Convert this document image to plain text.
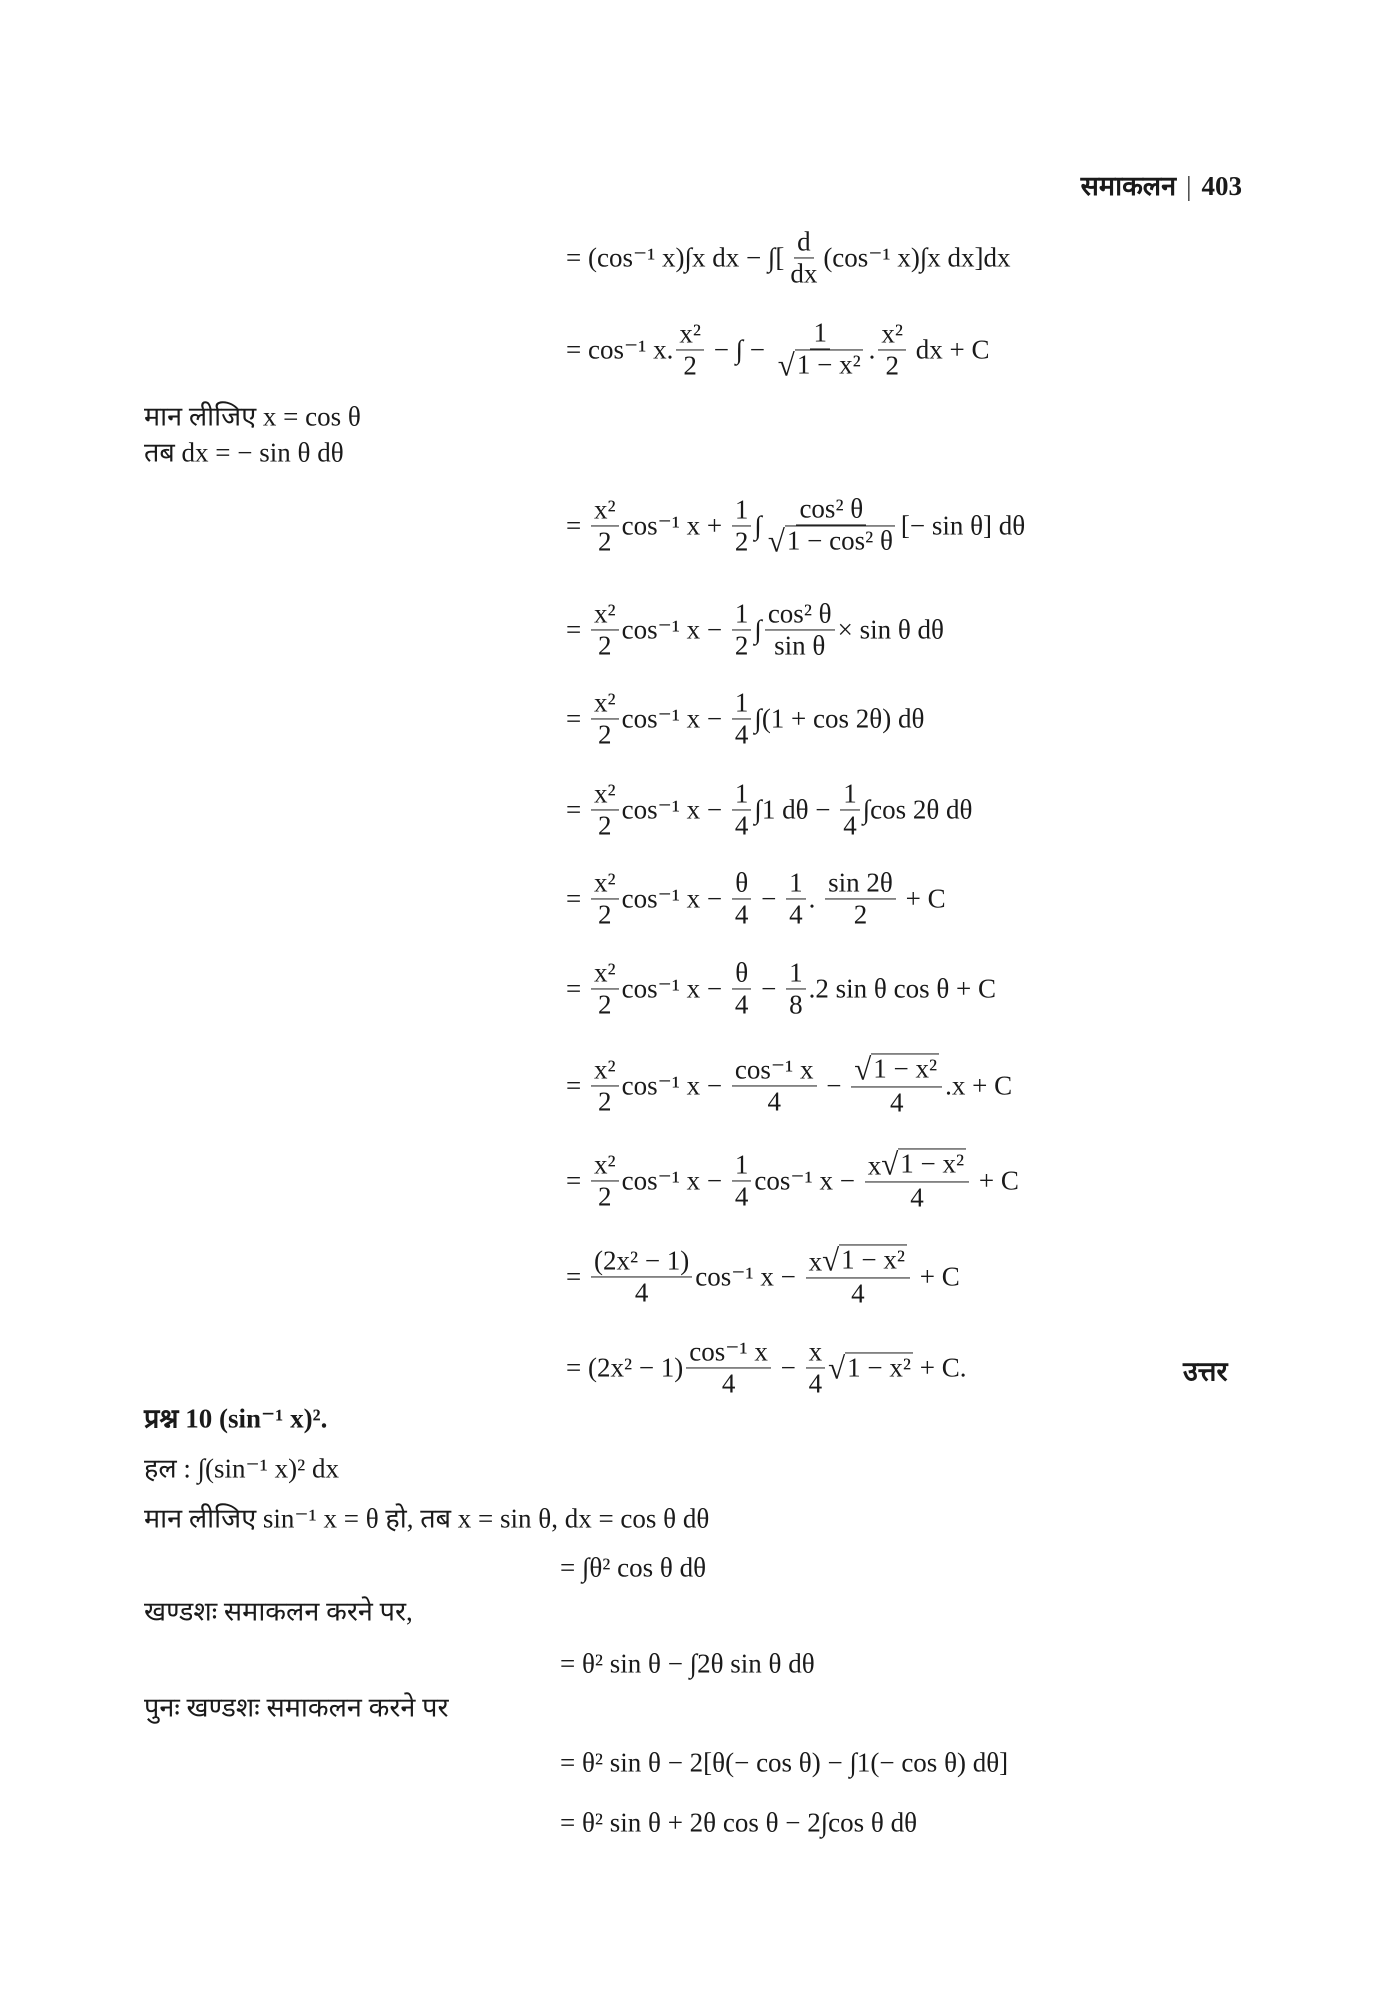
समाकलन | 403
= (cos⁻¹ x)∫x dx − ∫[ $\frac{d}{dx} (\cos^{-1}$ x)∫x dx]dx
= cos⁻¹ x. $\frac{\text{x²}}{2}$ − ∫ − $\frac{1}{\text{√ 1 − x²}}$ . $\frac{\text{x²}}{2}$ dx + C
मान लीजिए x = cos θ
तब dx = − sin θ dθ
= $\frac{\text{x²}}{2} \cos^{-1}$ $x + \frac{1}{2}$ ∫ $\frac{\text{cos² θ}}{\text{√ 1 − cos² θ}}$ [− sin θ] dθ
= $\frac{\text{x²}}{2} \cos^{-1}$ $x - \frac{1}{2}$ ∫ $\frac{\text{cos² θ}}{\text{sin θ}} \times \sin \theta$ dθ
= $\frac{\text{x²}}{2} \cos^{-1}$ $x - \frac{1}{4} \int(1 + \cos 2\theta)$ dθ
= $\frac{\text{x²}}{2} \cos^{-1}$ $x - \frac{1}{4} \int 1$ $d\theta - \frac{1}{4} \int\cos$ 2θ dθ
= $\frac{\text{x²}}{2} \cos^{-1}$ $x - \frac{\theta}{4} - \frac{1}{4}$ . $\frac{\sin 2\theta}{2} + C$
= $\frac{\text{x²}}{2} \cos^{-1}$ $x - \frac{\theta}{4} - \frac{1}{8} .2$ sin θ cos θ + C
= $\frac{\text{x²}}{2} \cos^{-1}$ $x - \frac{\text{cos⁻¹ x}}{4} - \frac{\text{√ 1 − x²}}{4} .x + C$
= $\frac{\text{x²}}{2} \cos^{-1}$ $x - \frac{1}{4} \cos^{-1}$ $x - \frac{\text{x √ 1 − x²}}{4} + C$
= $\frac{\text{(2x² − 1)}}{4} \cos^{-1}$ $x - \frac{\text{x √ 1 − x²}}{4} + C$
= $(2x^2 - 1) \frac{\text{cos⁻¹ x}}{4} - \frac{x}{4}$ √ 1 − x² + C.	उत्तर
प्रश्न 10 (sin⁻¹ x)².
हल : ∫(sin⁻¹ x)² dx
मान लीजिए sin⁻¹ x = θ हो, तब x = sin θ, dx = cos θ dθ
= ∫θ² cos θ dθ
खण्डशः समाकलन करने पर,
= θ² sin θ − ∫2θ sin θ dθ
पुनः खण्डशः समाकलन करने पर
= θ² sin θ − 2[θ(− cos θ) − ∫1(− cos θ) dθ]
= θ² sin θ + 2θ cos θ − 2∫cos θ dθ
